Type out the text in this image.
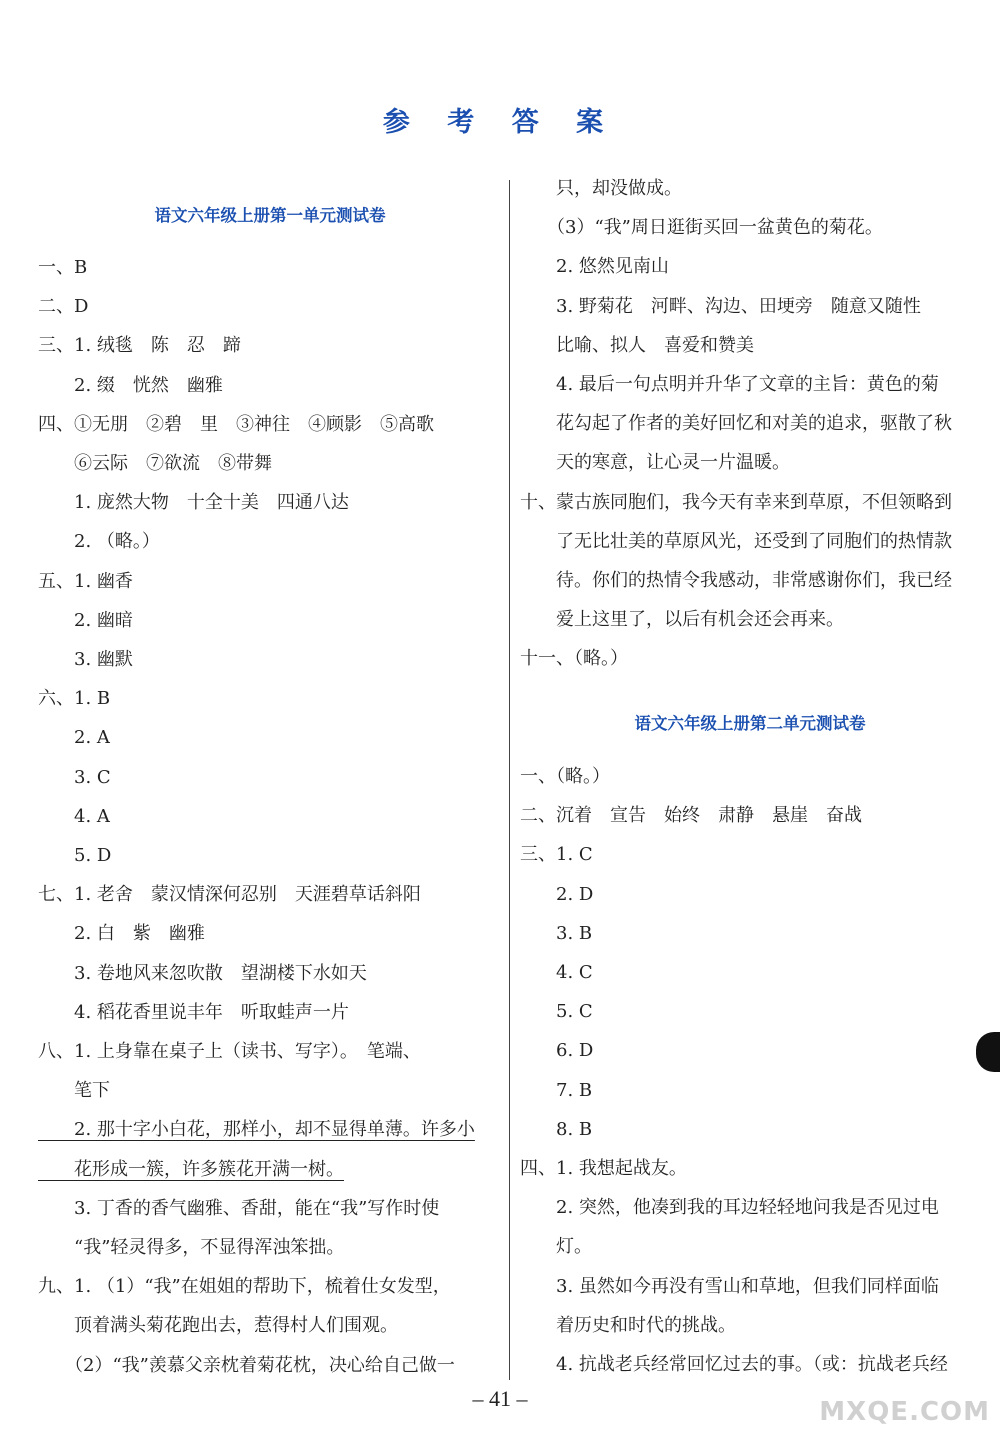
参 考 答 案
语文六年级上册第一单元测试卷
一、B
二、D
三、1. 绒毯　陈　忍　蹄
　　2. 缀　恍然　幽雅
四、①无朋　②碧　里　③神往　④顾影　⑤高歌
　　⑥云际　⑦欲流　⑧带舞
　　1. 庞然大物　十全十美　四通八达
　　2. （略。）
五、1. 幽香
　　2. 幽暗
　　3. 幽默
六、1. B
　　2. A
　　3. C
　　4. A
　　5. D
七、1. 老舍　蒙汉情深何忍别　天涯碧草话斜阳
　　2. 白　紫　幽雅
　　3. 卷地风来忽吹散　望湖楼下水如天
　　4. 稻花香里说丰年　听取蛙声一片
八、1. 上身靠在桌子上（读书、写字）。　笔端、
　　笔下
　　2. 那十字小白花，那样小，却不显得单薄。许多小
　　花形成一簇，许多簇花开满一树。
　　3. 丁香的香气幽雅、香甜，能在“我”写作时使
　　“我”轻灵得多，不显得浑浊笨拙。
九、1. （1）“我”在姐姐的帮助下，梳着仕女发型，
　　顶着满头菊花跑出去，惹得村人们围观。
　　（2）“我”羡慕父亲枕着菊花枕，决心给自己做一
　　只，却没做成。
　　（3）“我”周日逛街买回一盆黄色的菊花。
　　2. 悠然见南山
　　3. 野菊花　河畔、沟边、田埂旁　随意又随性
　　比喻、拟人　喜爱和赞美
　　4. 最后一句点明并升华了文章的主旨：黄色的菊
　　花勾起了作者的美好回忆和对美的追求，驱散了秋
　　天的寒意，让心灵一片温暖。
十、蒙古族同胞们，我今天有幸来到草原，不但领略到
　　了无比壮美的草原风光，还受到了同胞们的热情款
　　待。你们的热情令我感动，非常感谢你们，我已经
　　爱上这里了，以后有机会还会再来。
十一、（略。）
语文六年级上册第二单元测试卷
一、（略。）
二、沉着　宣告　始终　肃静　悬崖　奋战
三、1. C
　　2. D
　　3. B
　　4. C
　　5. C
　　6. D
　　7. B
　　8. B
四、1. 我想起战友。
　　2. 突然，他凑到我的耳边轻轻地问我是否见过电
　　灯。
　　3. 虽然如今再没有雪山和草地，但我们同样面临
　　着历史和时代的挑战。
　　4. 抗战老兵经常回忆过去的事。（或：抗战老兵经
– 41 –	MXQE.COM
